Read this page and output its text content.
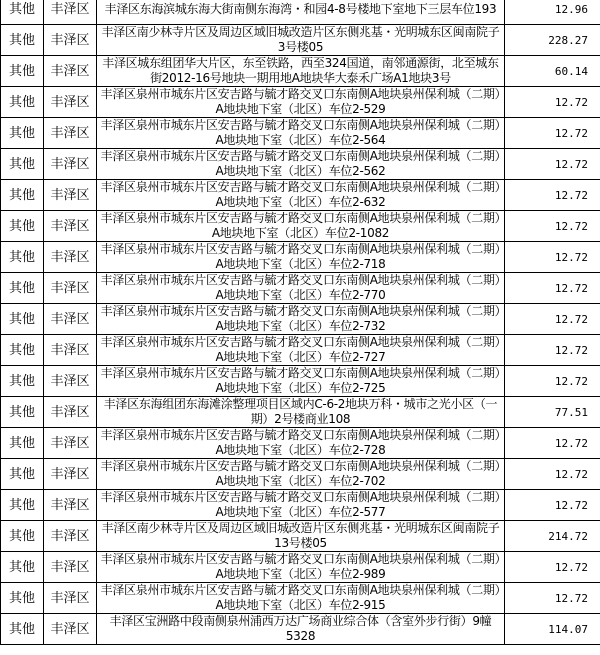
其他	丰泽区	丰泽区东海滨城东海大街南侧东海湾・和园4-8号楼地下室地下三层车位193	12.96
其他	丰泽区	丰泽区南少林寺片区及周边区域旧城改造片区东侧兆基・光明城东区闽南院子3号楼05	228.27
其他	丰泽区	丰泽区城东组团华大片区，东至铁路，西至324国道，南邻通源街，北至城东街2012-16号地块一期用地A地块华大泰禾广场A1地块3号	60.14
其他	丰泽区	丰泽区泉州市城东片区安吉路与毓才路交叉口东南侧A地块泉州保利城（二期）A地块地下室（北区）车位2-529	12.72
其他	丰泽区	丰泽区泉州市城东片区安吉路与毓才路交叉口东南侧A地块泉州保利城（二期）A地块地下室（北区）车位2-564	12.72
其他	丰泽区	丰泽区泉州市城东片区安吉路与毓才路交叉口东南侧A地块泉州保利城（二期）A地块地下室（北区）车位2-562	12.72
其他	丰泽区	丰泽区泉州市城东片区安吉路与毓才路交叉口东南侧A地块泉州保利城（二期）A地块地下室（北区）车位2-632	12.72
其他	丰泽区	丰泽区泉州市城东片区安吉路与毓才路交叉口东南侧A地块泉州保利城（二期）A地块地下室（北区）车位2-1082	12.72
其他	丰泽区	丰泽区泉州市城东片区安吉路与毓才路交叉口东南侧A地块泉州保利城（二期）A地块地下室（北区）车位2-718	12.72
其他	丰泽区	丰泽区泉州市城东片区安吉路与毓才路交叉口东南侧A地块泉州保利城（二期）A地块地下室（北区）车位2-770	12.72
其他	丰泽区	丰泽区泉州市城东片区安吉路与毓才路交叉口东南侧A地块泉州保利城（二期）A地块地下室（北区）车位2-732	12.72
其他	丰泽区	丰泽区泉州市城东片区安吉路与毓才路交叉口东南侧A地块泉州保利城（二期）A地块地下室（北区）车位2-727	12.72
其他	丰泽区	丰泽区泉州市城东片区安吉路与毓才路交叉口东南侧A地块泉州保利城（二期）A地块地下室（北区）车位2-725	12.72
其他	丰泽区	丰泽区东海组团东海滩涂整理项目区域内C-6-2地块万科・城市之光小区（一期）2号楼商业108	77.51
其他	丰泽区	丰泽区泉州市城东片区安吉路与毓才路交叉口东南侧A地块泉州保利城（二期）A地块地下室（北区）车位2-728	12.72
其他	丰泽区	丰泽区泉州市城东片区安吉路与毓才路交叉口东南侧A地块泉州保利城（二期）A地块地下室（北区）车位2-702	12.72
其他	丰泽区	丰泽区泉州市城东片区安吉路与毓才路交叉口东南侧A地块泉州保利城（二期）A地块地下室（北区）车位2-577	12.72
其他	丰泽区	丰泽区南少林寺片区及周边区域旧城改造片区东侧兆基・光明城东区闽南院子13号楼05	214.72
其他	丰泽区	丰泽区泉州市城东片区安吉路与毓才路交叉口东南侧A地块泉州保利城（二期）A地块地下室（北区）车位2-989	12.72
其他	丰泽区	丰泽区泉州市城东片区安吉路与毓才路交叉口东南侧A地块泉州保利城（二期）A地块地下室（北区）车位2-915	12.72
其他	丰泽区	丰泽区宝洲路中段南侧泉州浦西万达广场商业综合体（含室外步行街）9幢5328	114.07
